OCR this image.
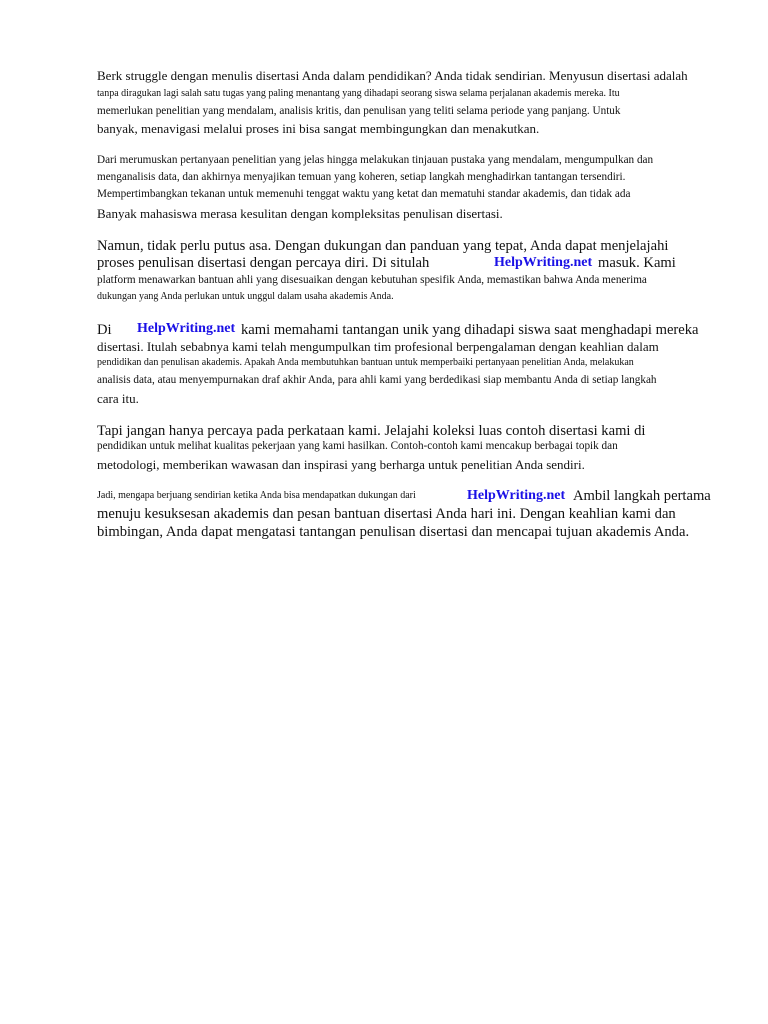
Berk struggle dengan menulis disertasi Anda dalam pendidikan? Anda tidak sendirian. Menyusun disertasi adalah
tanpa diragukan lagi salah satu tugas yang paling menantang yang dihadapi seorang siswa selama perjalanan akademis mereka. Itu
memerlukan penelitian yang mendalam, analisis kritis, dan penulisan yang teliti selama periode yang panjang. Untuk
banyak, menavigasi melalui proses ini bisa sangat membingungkan dan menakutkan.
Dari merumuskan pertanyaan penelitian yang jelas hingga melakukan tinjauan pustaka yang mendalam, mengumpulkan dan
menganalisis data, dan akhirnya menyajikan temuan yang koheren, setiap langkah menghadirkan tantangan tersendiri.
Mempertimbangkan tekanan untuk memenuhi tenggat waktu yang ketat dan mematuhi standar akademis, dan tidak ada
Banyak mahasiswa merasa kesulitan dengan kompleksitas penulisan disertasi.
Namun, tidak perlu putus asa. Dengan dukungan dan panduan yang tepat, Anda dapat menjelajahi
proses penulisan disertasi dengan percaya diri. Di situlah	HelpWriting.net masuk. Kami
platform menawarkan bantuan ahli yang disesuaikan dengan kebutuhan spesifik Anda, memastikan bahwa Anda menerima
dukungan yang Anda perlukan untuk unggul dalam usaha akademis Anda.
Di HelpWriting.net kami memahami tantangan unik yang dihadapi siswa saat menghadapi mereka
disertasi. Itulah sebabnya kami telah mengumpulkan tim profesional berpengalaman dengan keahlian dalam
pendidikan dan penulisan akademis. Apakah Anda membutuhkan bantuan untuk memperbaiki pertanyaan penelitian Anda, melakukan
analisis data, atau menyempurnakan draf akhir Anda, para ahli kami yang berdedikasi siap membantu Anda di setiap langkah
cara itu.
Tapi jangan hanya percaya pada perkataan kami. Jelajahi koleksi luas contoh disertasi kami di
pendidikan untuk melihat kualitas pekerjaan yang kami hasilkan. Contoh-contoh kami mencakup berbagai topik dan
metodologi, memberikan wawasan dan inspirasi yang berharga untuk penelitian Anda sendiri.
Jadi, mengapa berjuang sendirian ketika Anda bisa mendapatkan dukungan dari	HelpWriting.net Ambil langkah pertama
menuju kesuksesan akademis dan pesan bantuan disertasi Anda hari ini. Dengan keahlian kami dan
bimbingan, Anda dapat mengatasi tantangan penulisan disertasi dan mencapai tujuan akademis Anda.
